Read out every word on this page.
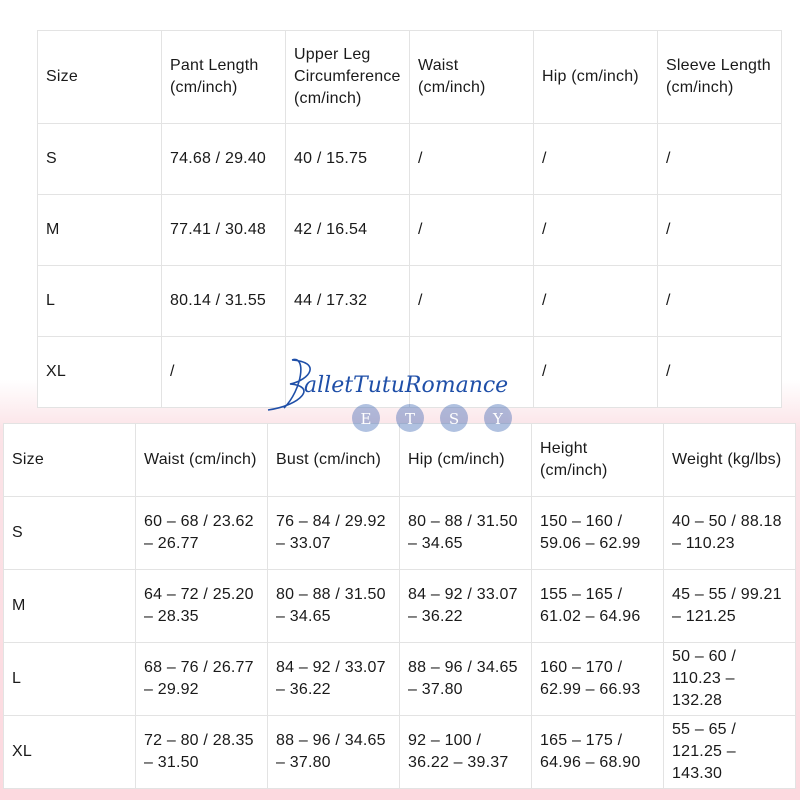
Size	Pant Length (cm/inch)	Upper Leg Circumference (cm/inch)	Waist (cm/inch)	Hip (cm/inch)	Sleeve Length (cm/inch)
S	74.68 / 29.40	40 / 15.75	/	/	/
M	77.41 / 30.48	42 / 16.54	/	/	/
L	80.14 / 31.55	44 / 17.32	/	/	/
XL	/			/	/
Size	Waist (cm/inch)	Bust (cm/inch)	Hip (cm/inch)	Height (cm/inch)	Weight (kg/lbs)
S	60 – 68 / 23.62 – 26.77	76 – 84 / 29.92 – 33.07	80 – 88 / 31.50 – 34.65	150 – 160 / 59.06 – 62.99	40 – 50 / 88.18 – 110.23
M	64 – 72 / 25.20 – 28.35	80 – 88 / 31.50 – 34.65	84 – 92 / 33.07 – 36.22	155 – 165 / 61.02 – 64.96	45 – 55 / 99.21 – 121.25
L	68 – 76 / 26.77 – 29.92	84 – 92 / 33.07 – 36.22	88 – 96 / 34.65 – 37.80	160 – 170 / 62.99 – 66.93	50 – 60 / 110.23 – 132.28
XL	72 – 80 / 28.35 – 31.50	88 – 96 / 34.65 – 37.80	92 – 100 / 36.22 – 39.37	165 – 175 / 64.96 – 68.90	55 – 65 / 121.25 – 143.30
E T S Y
alletTutuRomance
